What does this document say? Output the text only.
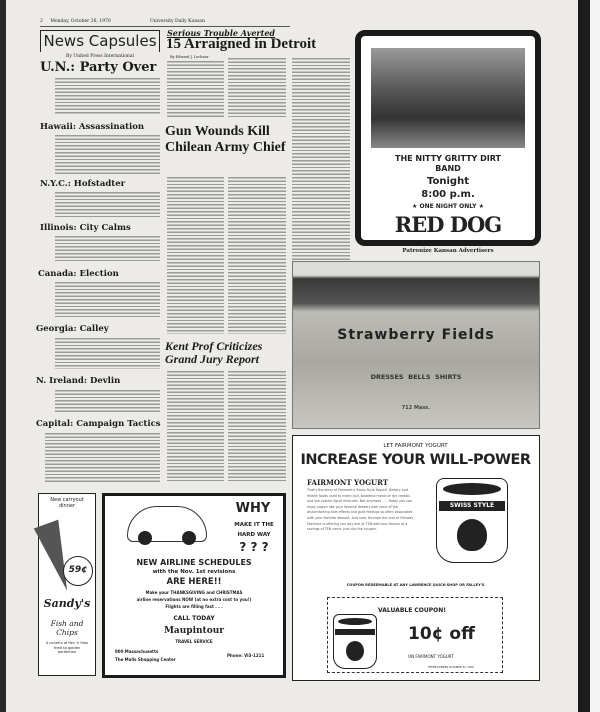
2 Monday, October 26, 1970	University Daily Kansan
News Capsules
By United Press International
U.N.: Party Over
Hawaii: Assassination
N.Y.C.: Hofstadter
Illinois: City Calms
Canada: Election
Georgia: Calley
N. Ireland: Devlin
Capital: Campaign Tactics
Serious Trouble Averted
15 Arraigned in Detroit
By Edward J. Lechner
Gun Wounds Kill Chilean Army Chief
Kent Prof Criticizes
Grand Jury Report
THE NITTY GRITTY DIRT BAND
Tonight
8:00 p.m.
★ ONE NIGHT ONLY ★
RED DOG
Patronize Kansan Advertisers
Strawberry Fields
DRESSES  BELLS  SHIRTS
712 Mass.
LET FAIRMONT YOGURT
INCREASE YOUR WILL-POWER
FAIRMONT YOGURT
That's the story of Fairmont's Swiss Style Yogurt! Dietary and Health foods used to mean dull, tasteless meals of dry cereals and low calorie liquid mixtures. Not anymore . . . Today you can enjoy yogurt like your favorite dessert with none of the discomforting side effects and guilt feelings so often associated with your favorite dessert. And now, through the end of October, Fairmont is offering you any one of TEN delicious flavors at a savings of TEN cents. Just clip the coupon.
SWISS STYLE
COUPON REDEEMABLE AT ANY LAWRENCE QUICK-SHOP OR FALLEY'S
VALUABLE COUPON!
10¢ off
ON FAIRMONT YOGURT
OFFER EXPIRES OCTOBER 31, 1970
New carryout dinner
59¢
Sandy's
Fish and Chips
A coneful of fish 'n fries fried to golden perfection
WHY
MAKE IT THE HARD WAY
? ? ?
NEW AIRLINE SCHEDULES
with the Nov. 1st revisions
ARE HERE!!
Make your THANKSGIVING and CHRISTMAS
airline reservations NOW (at no extra cost to you!)
Flights are filling fast . . .
CALL TODAY
Maupintour
TRAVEL SERVICE
900 Massachusetts
The Malls Shopping Center
Phone: VI3-1211
